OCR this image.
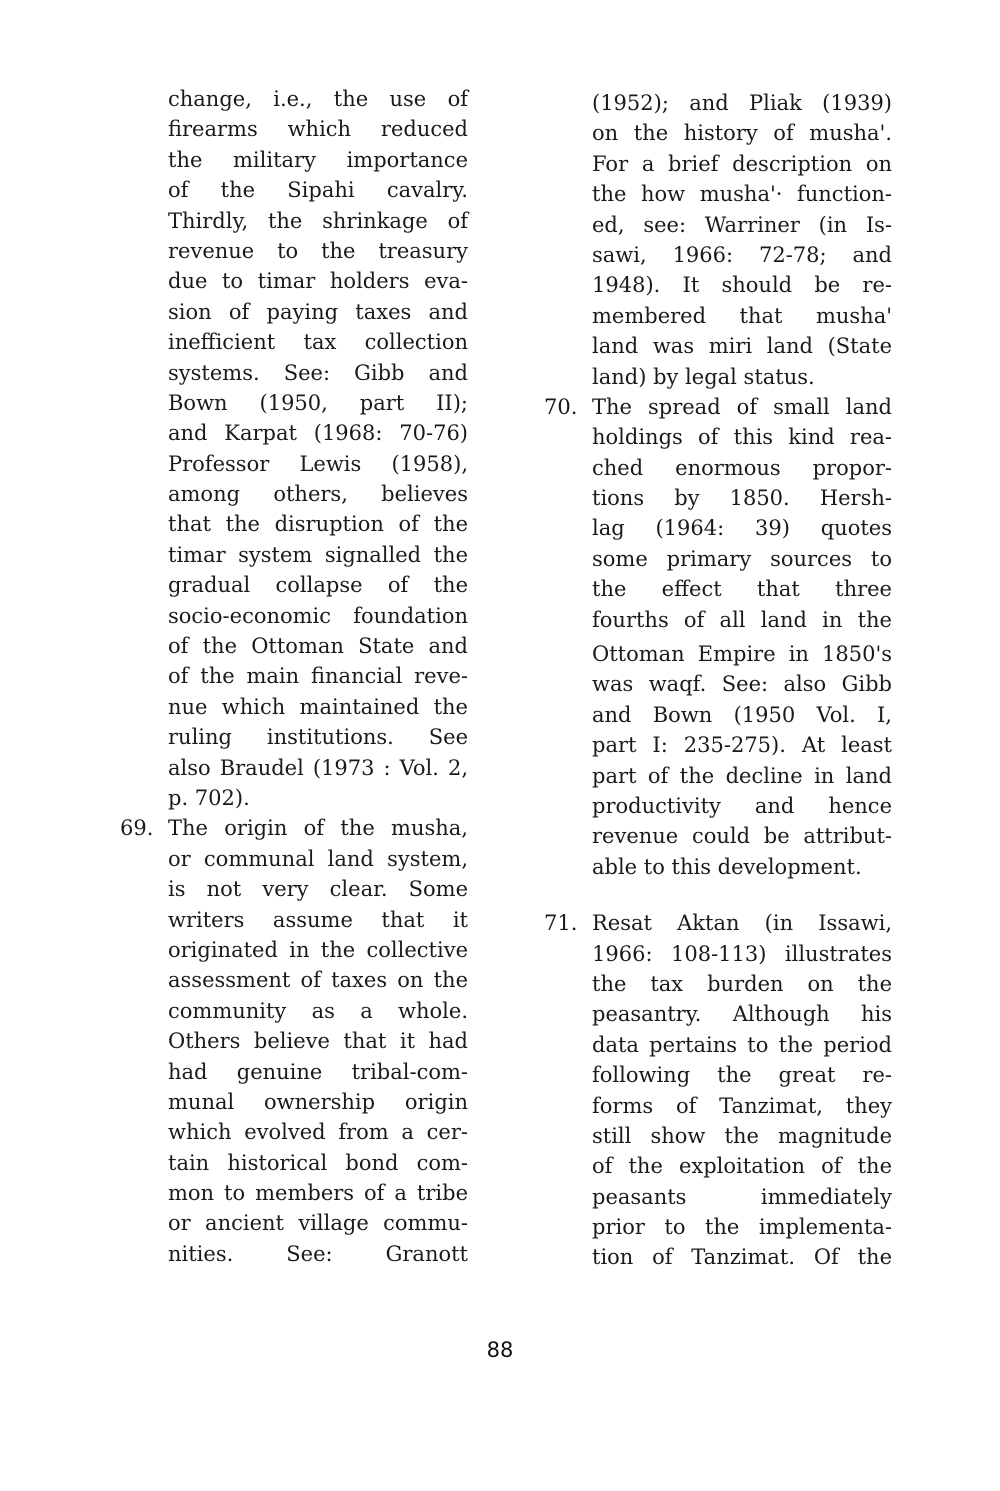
change, i.e., the use of
firearms which reduced
the military importance
of the Sipahi cavalry.
Thirdly, the shrinkage of
revenue to the treasury
due to timar holders eva-
sion of paying taxes and
inefficient tax collection
systems. See: Gibb and
Bown (1950, part II);
and Karpat (1968: 70-76)
Professor Lewis (1958),
among others, believes
that the disruption of the
timar system signalled the
gradual collapse of the
socio-economic foundation
of the Ottoman State and
of the main financial reve-
nue which maintained the
ruling institutions. See
also Braudel (1973 : Vol. 2,
p. 702).
69. The origin of the musha,
or communal land system,
is not very clear. Some
writers assume that it
originated in the collective
assessment of taxes on the
community as a whole.
Others believe that it had
had genuine tribal-com-
munal ownership origin
which evolved from a cer-
tain historical bond com-
mon to members of a tribe
or ancient village commu-
nities. See: Granott
(1952); and Pliak (1939)
on the history of musha'.
For a brief description on
the how musha'· function-
ed, see: Warriner (in Is-
sawi, 1966: 72-78; and
1948). It should be re-
membered that musha'
land was miri land (State
land) by legal status.
70. The spread of small land
holdings of this kind rea-
ched enormous propor-
tions by 1850. Hersh-
lag (1964: 39) quotes
some primary sources to
the effect that three
fourths of all land in the
Ottoman Empire in 1850's
was waqf. See: also Gibb
and Bown (1950 Vol. I,
part I: 235-275). At least
part of the decline in land
productivity and hence
revenue could be attribut-
able to this development.
71. Resat Aktan (in Issawi,
1966: 108-113) illustrates
the tax burden on the
peasantry. Although his
data pertains to the period
following the great re-
forms of Tanzimat, they
still show the magnitude
of the exploitation of the
peasants immediately
prior to the implementa-
tion of Tanzimat. Of the
88
